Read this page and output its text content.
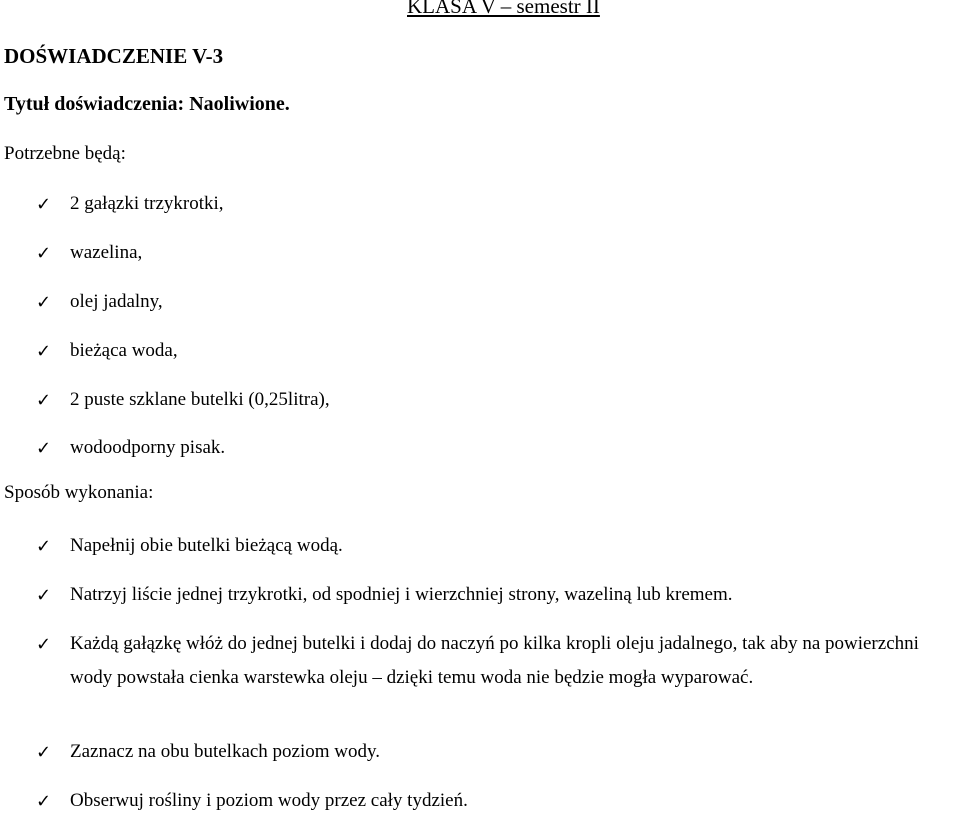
KLASA V – semestr II
DOŚWIADCZENIE V-3
Tytuł doświadczenia: Naoliwione.
Potrzebne będą:
✓ 2 gałązki trzykrotki,
✓ wazelina,
✓ olej jadalny,
✓ bieżąca woda,
✓ 2 puste szklane butelki (0,25litra),
✓ wodoodporny pisak.
Sposób wykonania:
✓ Napełnij obie butelki bieżącą wodą.
✓ Natrzyj liście jednej trzykrotki, od spodniej i wierzchniej strony, wazeliną lub kremem.
✓ Każdą gałązkę włóż do jednej butelki i dodaj do naczyń po kilka kropli oleju jadalnego, tak aby na powierzchni wody powstała cienka warstewka oleju – dzięki temu woda nie będzie mogła wyparować.
✓ Zaznacz na obu butelkach poziom wody.
✓ Obserwuj rośliny i poziom wody przez cały tydzień.
